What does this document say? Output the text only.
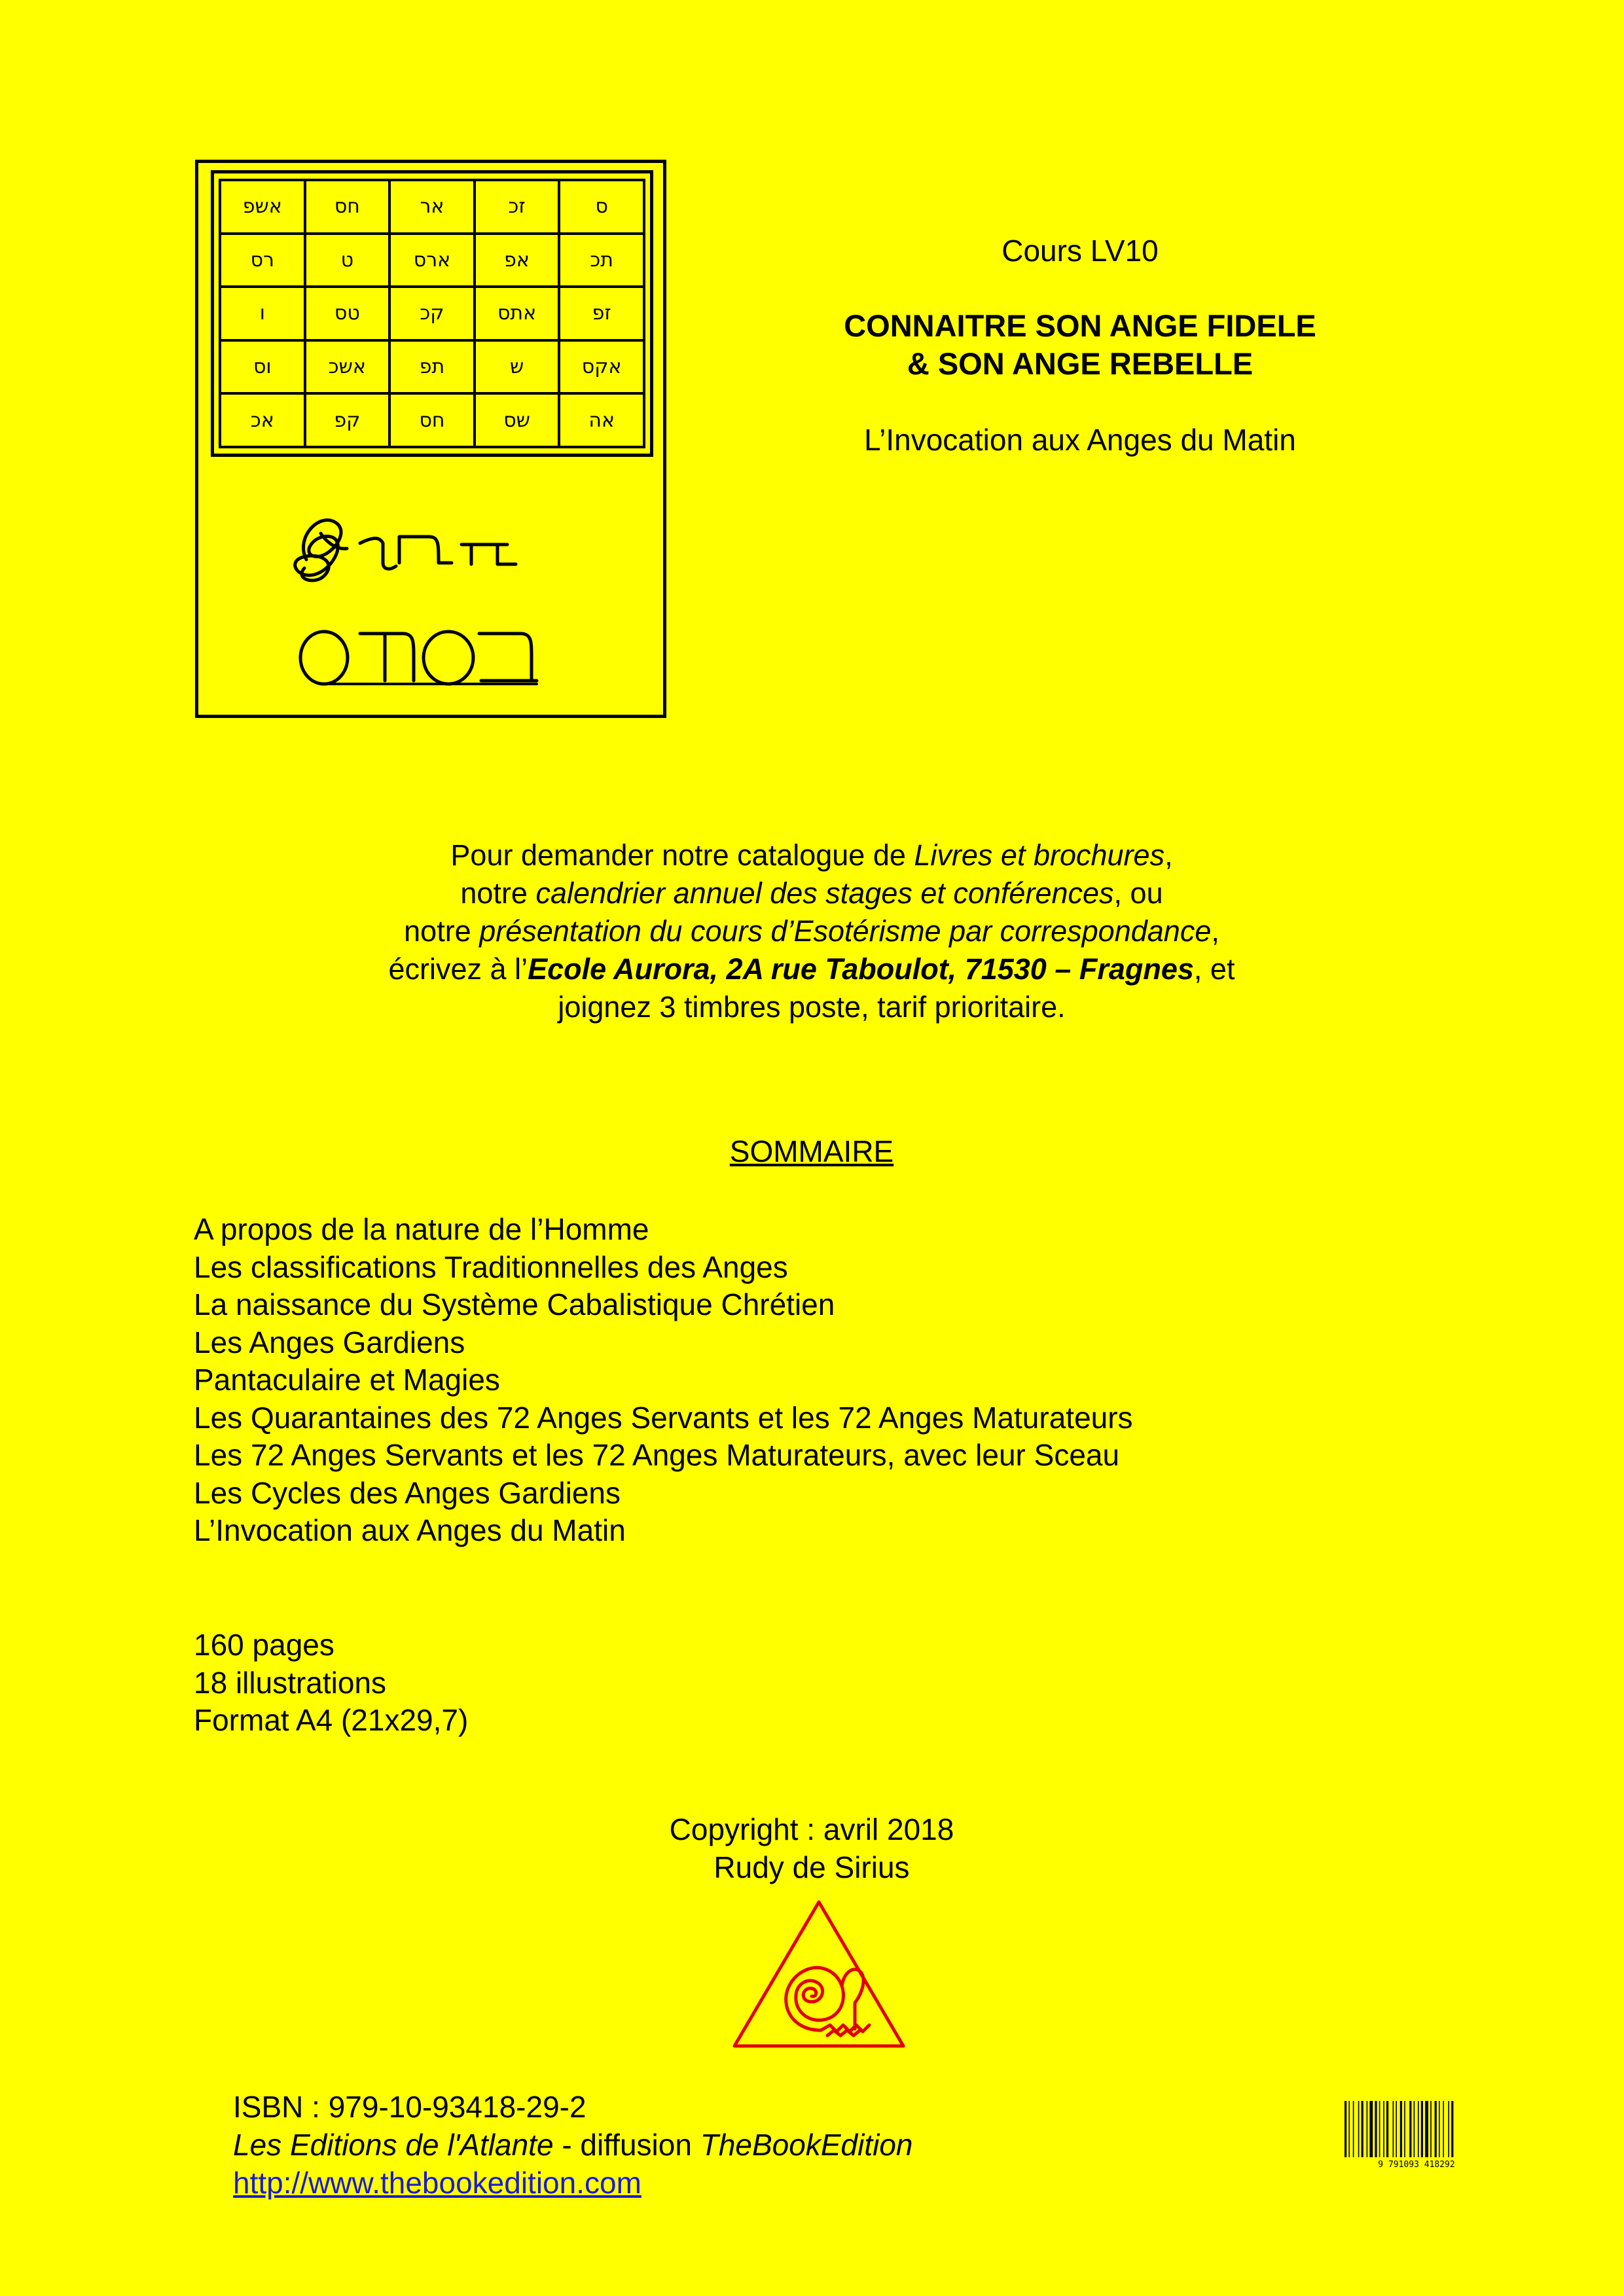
אשפ	חס	אר	זכ	ס
רס	ט	ארס	אפ	תכ
ו	טס	קכ	אתס	זפ
וס	אשכ	תפ	ש	אקס
אכ	קפ	חס	שס	אה
Cours LV10
CONNAITRE SON ANGE FIDELE
& SON ANGE REBELLE
L’Invocation aux Anges du Matin
Pour demander notre catalogue de Livres et brochures,
notre calendrier annuel des stages et conférences, ou
notre présentation du cours d’Esotérisme par correspondance,
écrivez à l’Ecole Aurora, 2A rue Taboulot, 71530 – Fragnes, et
joignez 3 timbres poste, tarif prioritaire.
SOMMAIRE
A propos de la nature de l’Homme
Les classifications Traditionnelles des Anges
La naissance du Système Cabalistique Chrétien
Les Anges Gardiens
Pantaculaire et Magies
Les Quarantaines des 72 Anges Servants et les 72 Anges Maturateurs
Les 72 Anges Servants et les 72 Anges Maturateurs, avec leur Sceau
Les Cycles des Anges Gardiens
L’Invocation aux Anges du Matin
160 pages
18 illustrations
Format A4 (21x29,7)
Copyright : avril 2018
Rudy de Sirius
ISBN : 979-10-93418-29-2
Les Editions de l'Atlante - diffusion TheBookEdition
http://www.thebookedition.com
9 791093 418292
